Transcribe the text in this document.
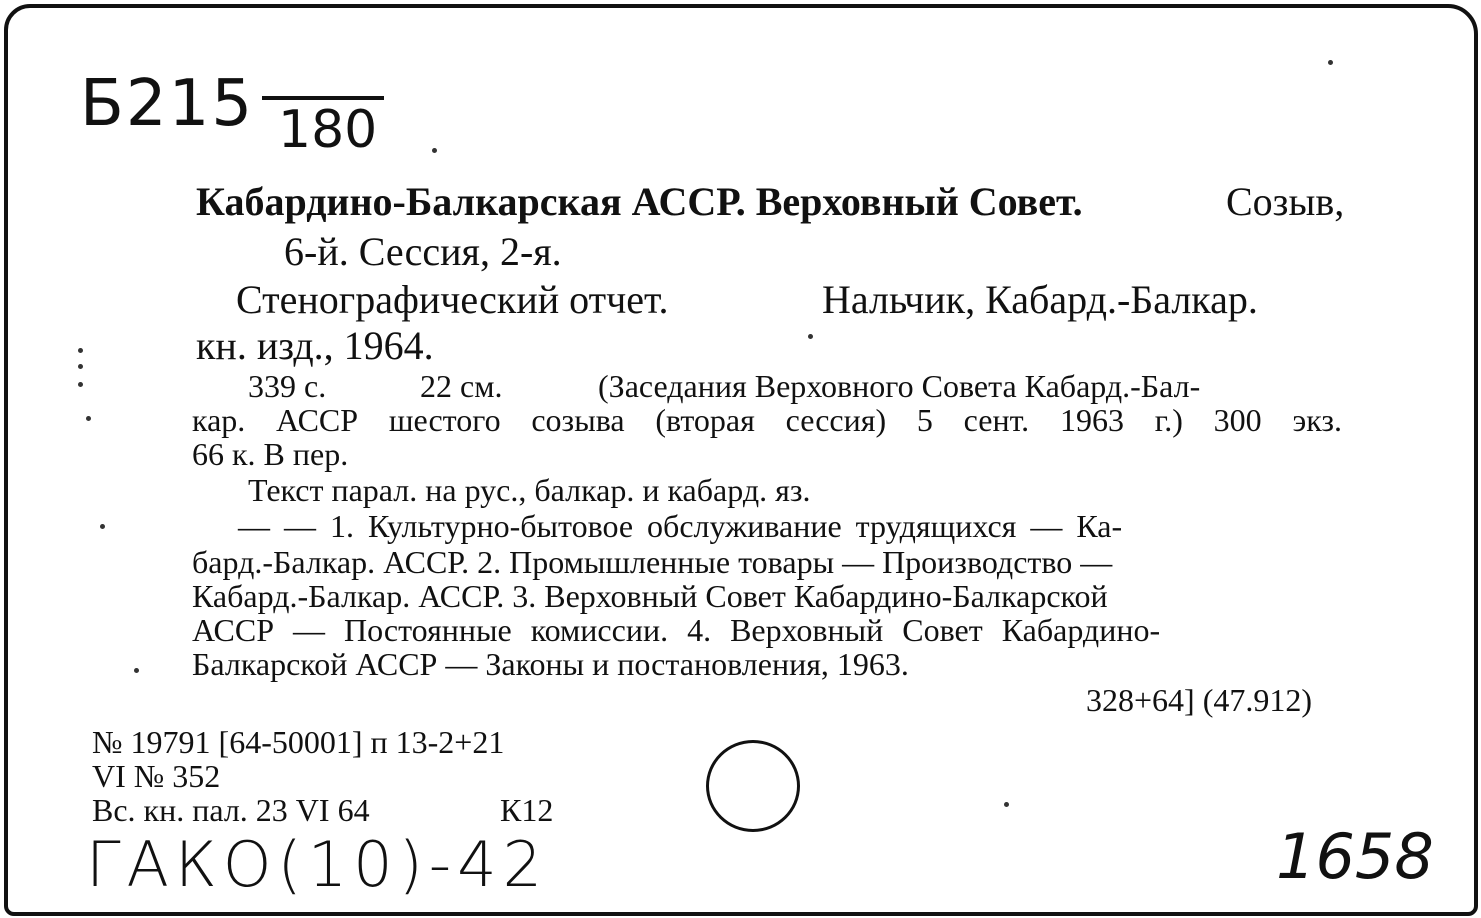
Б215 180
Кабардино-Балкарская АССР. Верховный Совет.	Созыв,
6-й. Сессия, 2-я.
Стенографический отчет.	Нальчик, Кабард.-Балкар.
кн. изд., 1964.
339 с.	22 см.	(Заседания Верховного Совета Кабард.-Бал-
кар. АССР шестого созыва (вторая сессия) 5 сент. 1963 г.) 300 экз.
66 к. В пер.
Текст парал. на рус., балкар. и кабард. яз.
— — 1. Культурно-бытовое обслуживание трудящихся — Ка-
бард.-Балкар. АССР. 2. Промышленные товары — Производство —
Кабард.-Балкар. АССР. 3. Верховный Совет Кабардино-Балкарской
АССР — Постоянные комиссии. 4. Верховный Совет Кабардино-
Балкарской АССР — Законы и постановления, 1963.
328+64] (47.912)
№ 19791 [64-50001] п 13-2+21
VI № 352
Вс. кн. пал. 23 VI 64	К12
ГАКО(10)-42	1658
